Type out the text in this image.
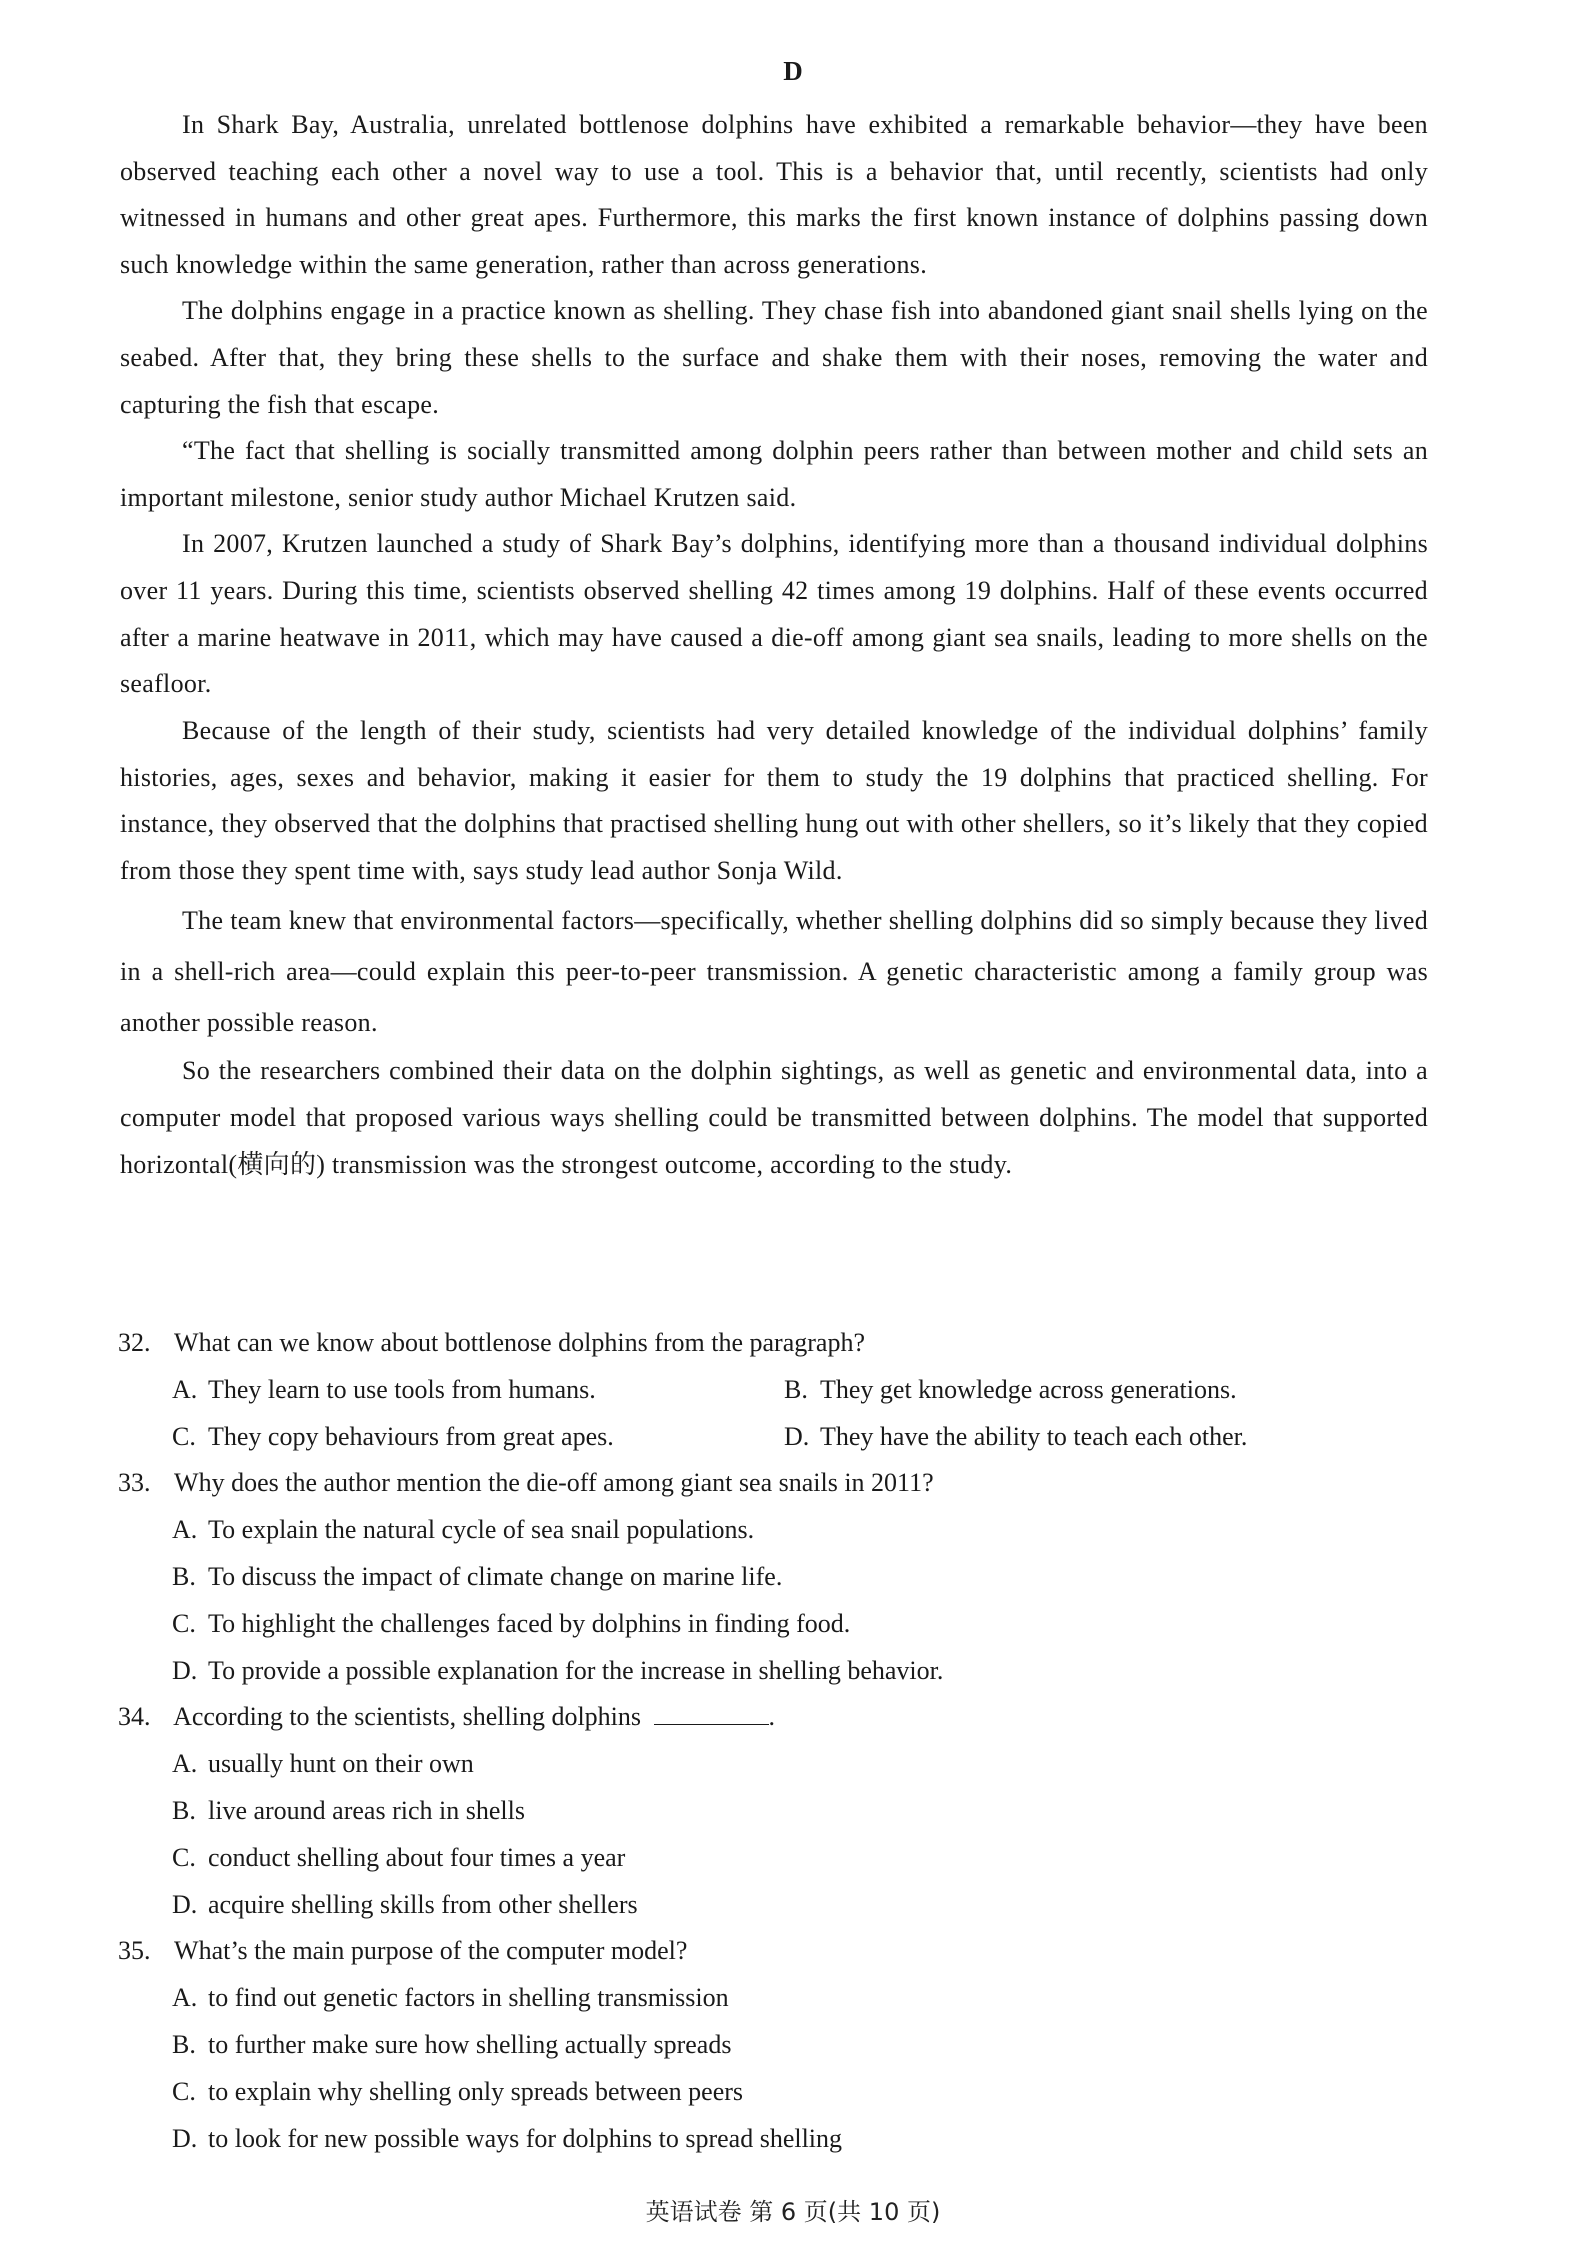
D

In Shark Bay, Australia, unrelated bottlenose dolphins have exhibited a remarkable behavior—they have been observed teaching each other a novel way to use a tool. This is a behavior that, until recently, scientists had only witnessed in humans and other great apes. Furthermore, this marks the first known instance of dolphins passing down such knowledge within the same generation, rather than across generations.

The dolphins engage in a practice known as shelling. They chase fish into abandoned giant snail shells lying on the seabed. After that, they bring these shells to the surface and shake them with their noses, removing the water and capturing the fish that escape.

“The fact that shelling is socially transmitted among dolphin peers rather than between mother and child sets an important milestone, senior study author Michael Krutzen said.

In 2007, Krutzen launched a study of Shark Bay’s dolphins, identifying more than a thousand individual dolphins over 11 years. During this time, scientists observed shelling 42 times among 19 dolphins. Half of these events occurred after a marine heatwave in 2011, which may have caused a die-off among giant sea snails, leading to more shells on the seafloor.

Because of the length of their study, scientists had very detailed knowledge of the individual dolphins’ family histories, ages, sexes and behavior, making it easier for them to study the 19 dolphins that practiced shelling. For instance, they observed that the dolphins that practised shelling hung out with other shellers, so it’s likely that they copied from those they spent time with, says study lead author Sonja Wild.

The team knew that environmental factors—specifically, whether shelling dolphins did so simply because they lived in a shell-rich area—could explain this peer-to-peer transmission. A genetic characteristic among a family group was another possible reason.

So the researchers combined their data on the dolphin sightings, as well as genetic and environmental data, into a computer model that proposed various ways shelling could be transmitted between dolphins. The model that supported horizontal(横向的) transmission was the strongest outcome, according to the study.

32. What can we know about bottlenose dolphins from the paragraph?

A. They learn to use tools from humans.	B. They get knowledge across generations.
C. They copy behaviours from great apes.	D. They have the ability to teach each other.

33. Why does the author mention the die-off among giant sea snails in 2011?

A. To explain the natural cycle of sea snail populations.
B. To discuss the impact of climate change on marine life.
C. To highlight the challenges faced by dolphins in finding food.
D. To provide a possible explanation for the increase in shelling behavior.

34. According to the scientists, shelling dolphins	.

A. usually hunt on their own
B. live around areas rich in shells
C. conduct shelling about four times a year
D. acquire shelling skills from other shellers

35. What’s the main purpose of the computer model?

A. to find out genetic factors in shelling transmission
B. to further make sure how shelling actually spreads
C. to explain why shelling only spreads between peers
D. to look for new possible ways for dolphins to spread shelling
英语试卷 第 6 页(共 10 页)
